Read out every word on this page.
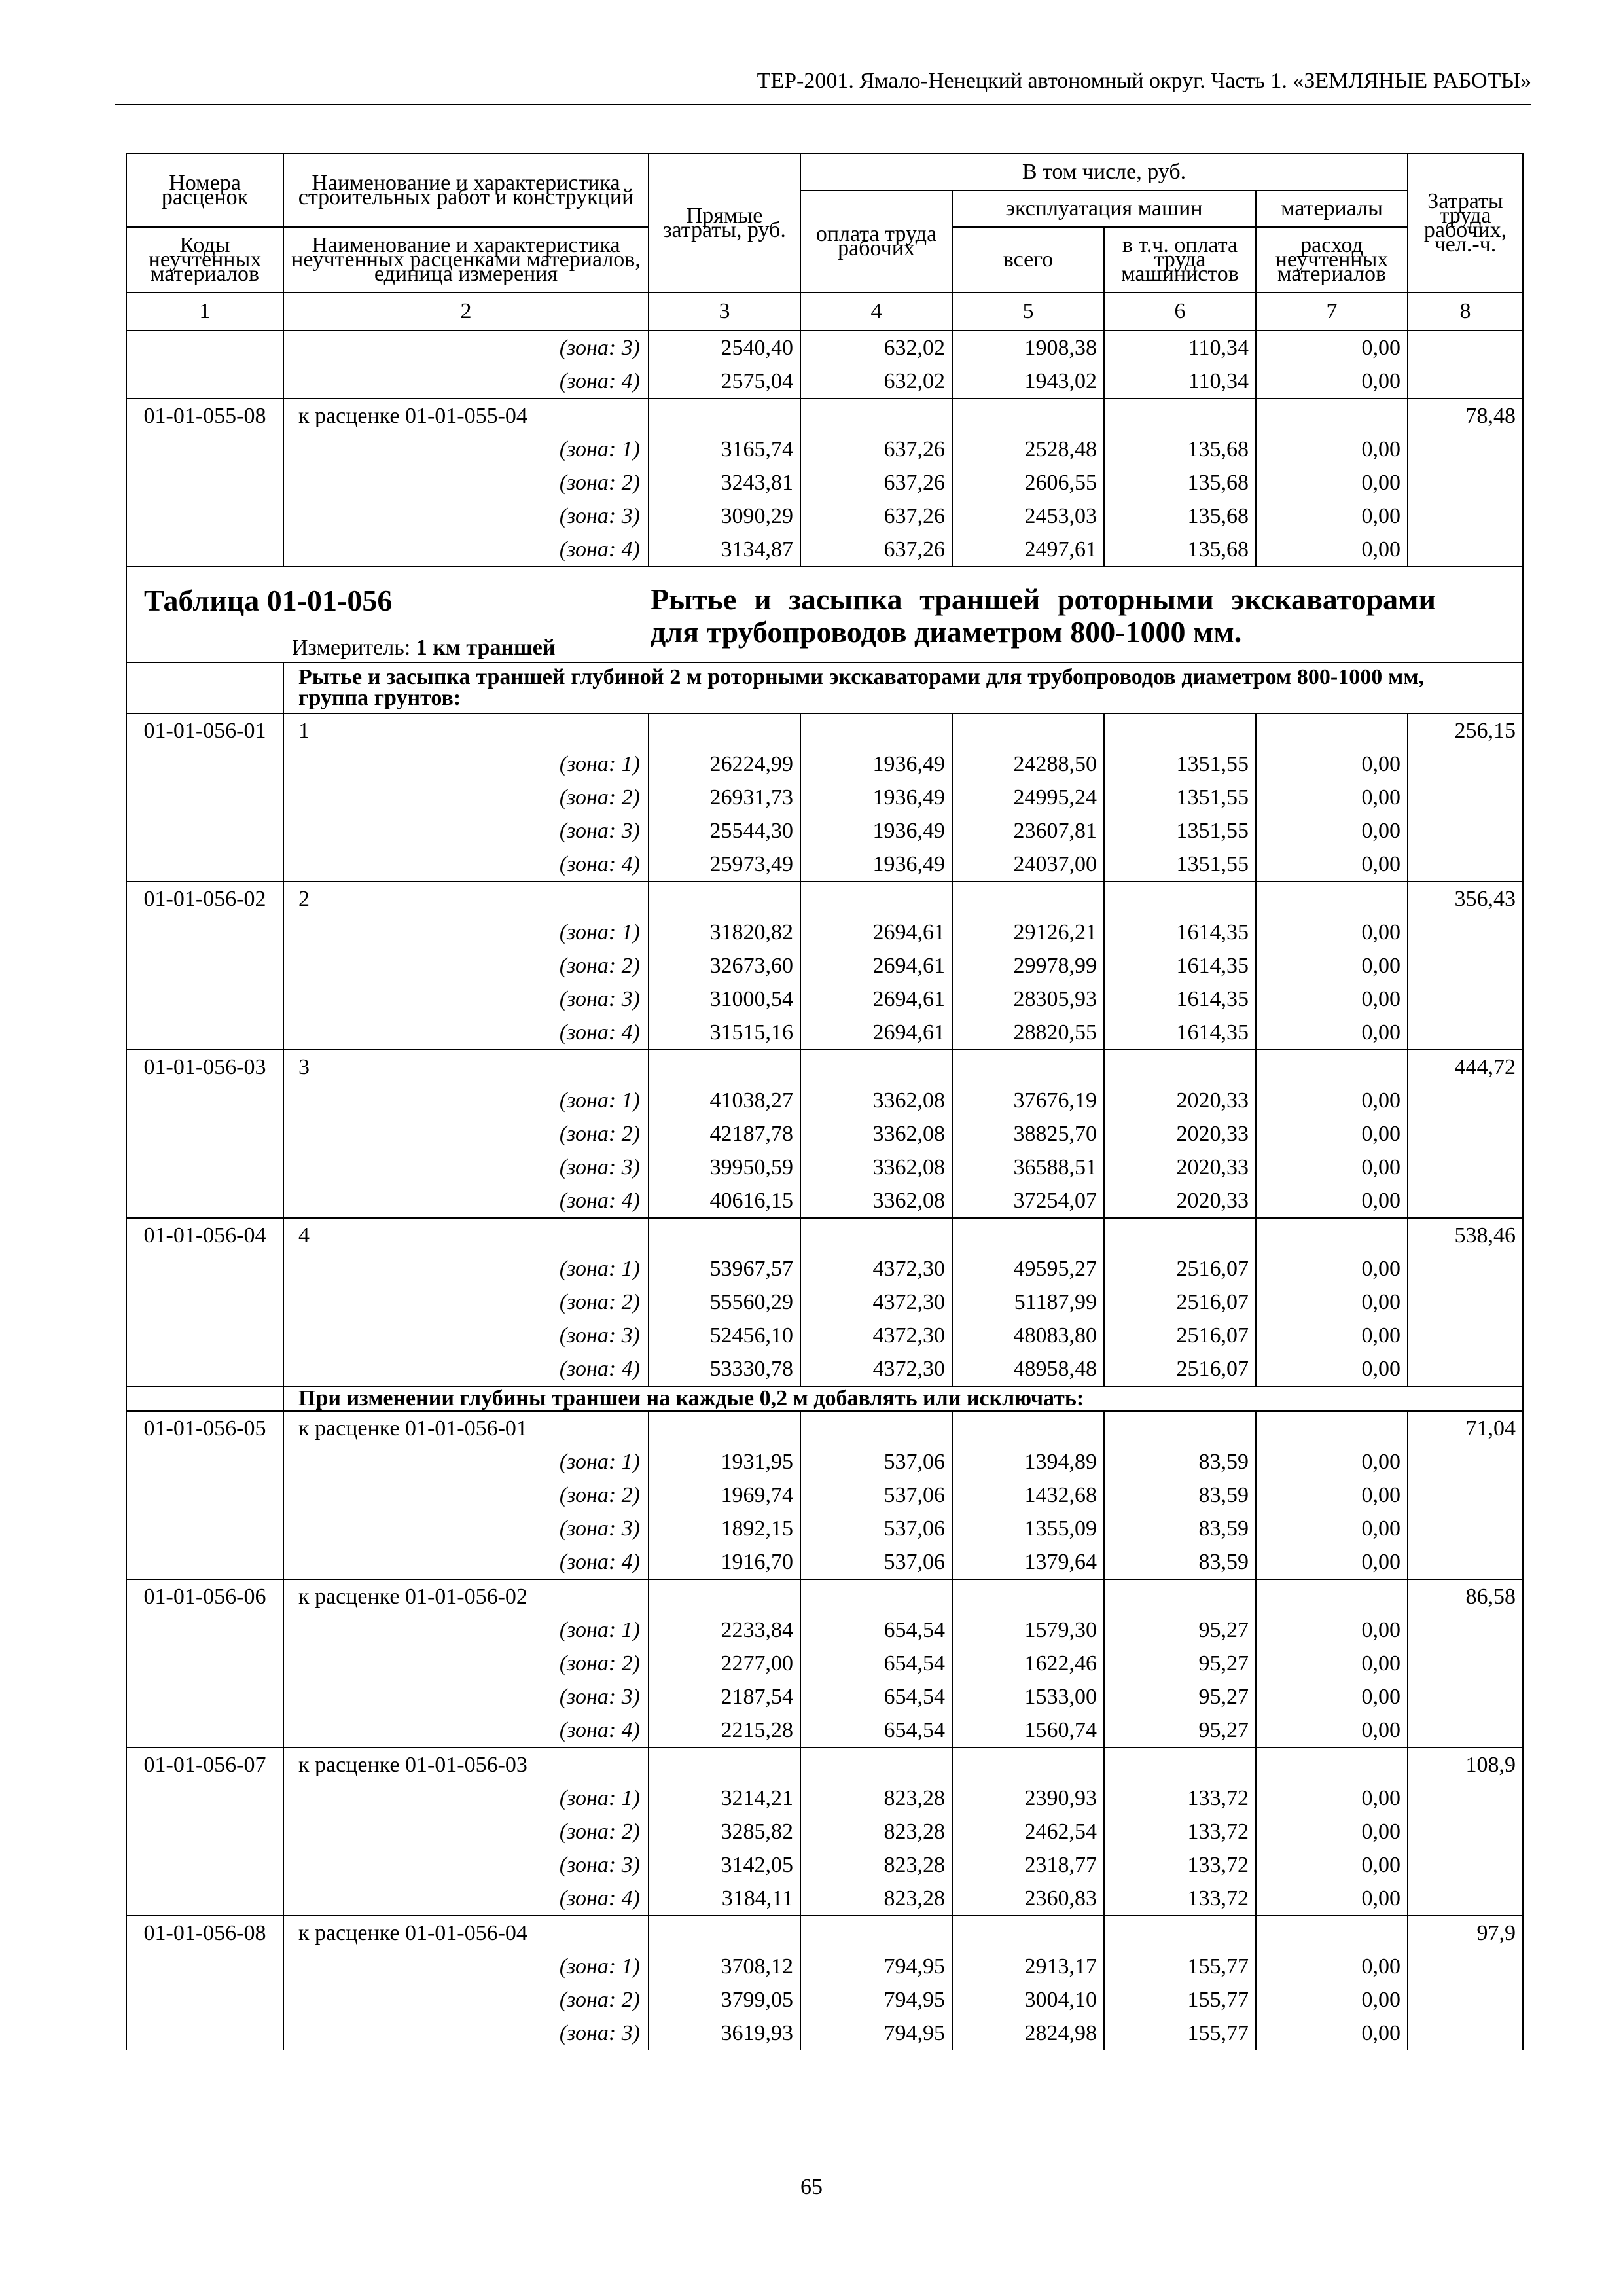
ТЕР-2001. Ямало-Ненецкий автономный округ. Часть 1. «ЗЕМЛЯНЫЕ РАБОТЫ»
Номера расценок	Наименование и характеристика строительных работ и конструкций	Прямые затраты, руб.	В том числе, руб.				Затраты труда рабочих, чел.-ч.
			оплата труда рабочих	эксплуатация машин		материалы	
Коды неучтенных материалов	Наименование и характеристика неучтенных расценками материалов, единица измерения			всего	в т.ч. оплата труда машинистов	расход неучтенных материалов	

1	2	3	4	5	6	7	8
	(зона: 3)	2540,40	632,02	1908,38	110,34	0,00	
	(зона: 4)	2575,04	632,02	1943,02	110,34	0,00	
01-01-055-08	к расценке 01-01-055-04						78,48
	(зона: 1)	3165,74	637,26	2528,48	135,68	0,00	
	(зона: 2)	3243,81	637,26	2606,55	135,68	0,00	
	(зона: 3)	3090,29	637,26	2453,03	135,68	0,00	
	(зона: 4)	3134,87	637,26	2497,61	135,68	0,00	

Таблица 01-01-056 Рытье и засыпка траншей роторными экскаваторами для трубопроводов диаметром 800-1000 мм.
Измеритель: 1 км траншей							

	Рытье и засыпка траншей глубиной 2 м роторными экскаваторами для трубопроводов диаметром 800-1000 мм, группа грунтов:						
01-01-056-01	1						256,15
	(зона: 1)	26224,99	1936,49	24288,50	1351,55	0,00	
	(зона: 2)	26931,73	1936,49	24995,24	1351,55	0,00	
	(зона: 3)	25544,30	1936,49	23607,81	1351,55	0,00	
	(зона: 4)	25973,49	1936,49	24037,00	1351,55	0,00	
01-01-056-02	2						356,43
	(зона: 1)	31820,82	2694,61	29126,21	1614,35	0,00	
	(зона: 2)	32673,60	2694,61	29978,99	1614,35	0,00	
	(зона: 3)	31000,54	2694,61	28305,93	1614,35	0,00	
	(зона: 4)	31515,16	2694,61	28820,55	1614,35	0,00	
01-01-056-03	3						444,72
	(зона: 1)	41038,27	3362,08	37676,19	2020,33	0,00	
	(зона: 2)	42187,78	3362,08	38825,70	2020,33	0,00	
	(зона: 3)	39950,59	3362,08	36588,51	2020,33	0,00	
	(зона: 4)	40616,15	3362,08	37254,07	2020,33	0,00	
01-01-056-04	4						538,46
	(зона: 1)	53967,57	4372,30	49595,27	2516,07	0,00	
	(зона: 2)	55560,29	4372,30	51187,99	2516,07	0,00	
	(зона: 3)	52456,10	4372,30	48083,80	2516,07	0,00	
	(зона: 4)	53330,78	4372,30	48958,48	2516,07	0,00	
	При изменении глубины траншеи на каждые 0,2 м добавлять или исключать:						
01-01-056-05	к расценке 01-01-056-01						71,04
	(зона: 1)	1931,95	537,06	1394,89	83,59	0,00	
	(зона: 2)	1969,74	537,06	1432,68	83,59	0,00	
	(зона: 3)	1892,15	537,06	1355,09	83,59	0,00	
	(зона: 4)	1916,70	537,06	1379,64	83,59	0,00	
01-01-056-06	к расценке 01-01-056-02						86,58
	(зона: 1)	2233,84	654,54	1579,30	95,27	0,00	
	(зона: 2)	2277,00	654,54	1622,46	95,27	0,00	
	(зона: 3)	2187,54	654,54	1533,00	95,27	0,00	
	(зона: 4)	2215,28	654,54	1560,74	95,27	0,00	
01-01-056-07	к расценке 01-01-056-03						108,9
	(зона: 1)	3214,21	823,28	2390,93	133,72	0,00	
	(зона: 2)	3285,82	823,28	2462,54	133,72	0,00	
	(зона: 3)	3142,05	823,28	2318,77	133,72	0,00	
	(зона: 4)	3184,11	823,28	2360,83	133,72	0,00	
01-01-056-08	к расценке 01-01-056-04						97,9
	(зона: 1)	3708,12	794,95	2913,17	155,77	0,00	
	(зона: 2)	3799,05	794,95	3004,10	155,77	0,00	
	(зона: 3)	3619,93	794,95	2824,98	155,77	0,00	
65
